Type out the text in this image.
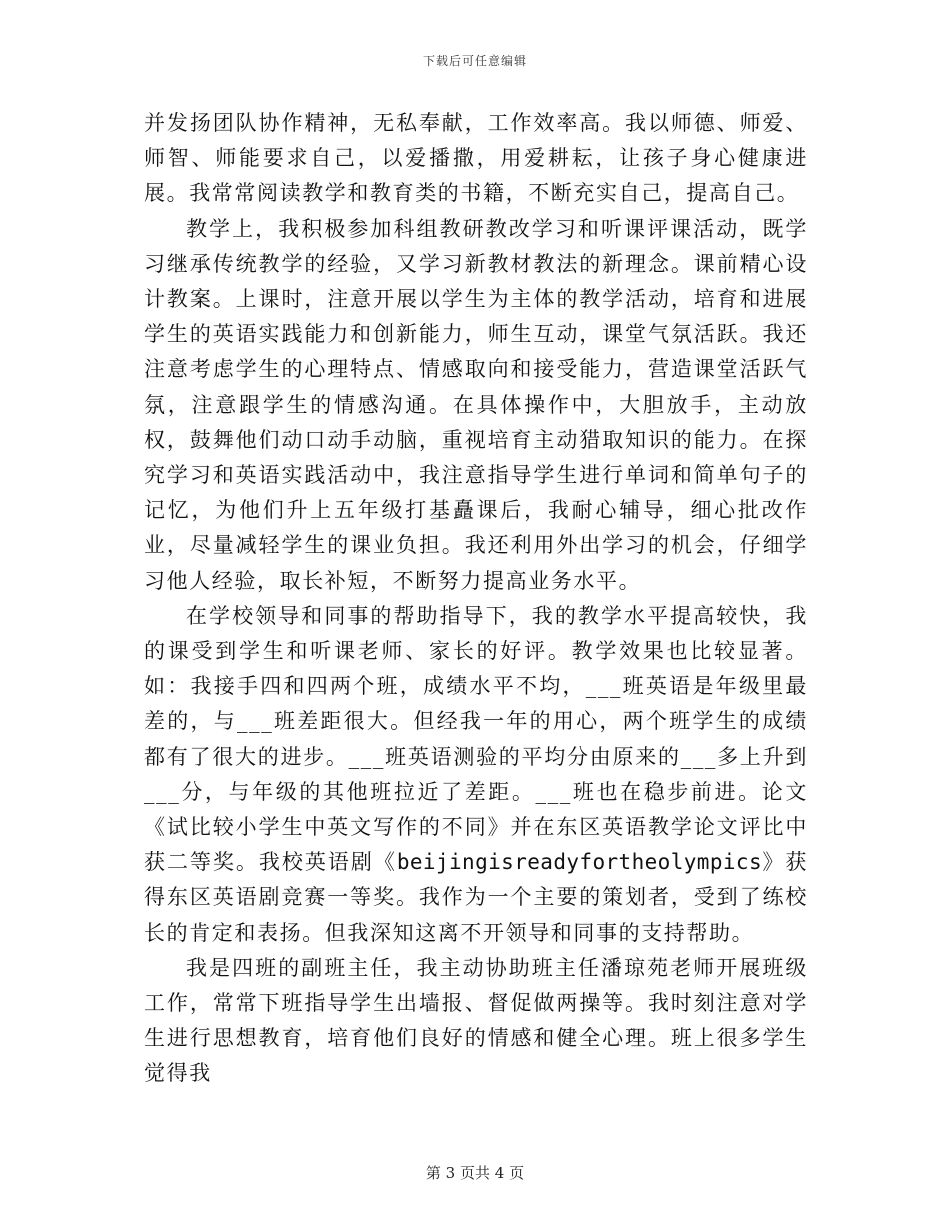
下载后可任意编辑

并发扬团队协作精神，无私奉献，工作效率高。我以师德、师爱、师智、师能要求自己，以爱播撒，用爱耕耘，让孩子身心健康进展。我常常阅读教学和教育类的书籍，不断充实自己，提高自己。

教学上，我积极参加科组教研教改学习和听课评课活动，既学习继承传统教学的经验，又学习新教材教法的新理念。课前精心设计教案。上课时，注意开展以学生为主体的教学活动，培育和进展学生的英语实践能力和创新能力，师生互动，课堂气氛活跃。我还注意考虑学生的心理特点、情感取向和接受能力，营造课堂活跃气氛，注意跟学生的情感沟通。在具体操作中，大胆放手，主动放权，鼓舞他们动口动手动脑，重视培育主动猎取知识的能力。在探究学习和英语实践活动中，我注意指导学生进行单词和简单句子的记忆，为他们升上五年级打基矗课后，我耐心辅导，细心批改作业，尽量减轻学生的课业负担。我还利用外出学习的机会，仔细学习他人经验，取长补短，不断努力提高业务水平。

在学校领导和同事的帮助指导下，我的教学水平提高较快，我的课受到学生和听课老师、家长的好评。教学效果也比较显著。如：我接手四和四两个班，成绩水平不均，___班英语是年级里最差的，与___班差距很大。但经我一年的用心，两个班学生的成绩都有了很大的进步。___班英语测验的平均分由原来的___多上升到___分，与年级的其他班拉近了差距。___班也在稳步前进。论文《试比较小学生中英文写作的不同》并在东区英语教学论文评比中获二等奖。我校英语剧《beijingisreadyfortheolympics》获得东区英语剧竞赛一等奖。我作为一个主要的策划者，受到了练校长的肯定和表扬。但我深知这离不开领导和同事的支持帮助。

我是四班的副班主任，我主动协助班主任潘琼苑老师开展班级工作，常常下班指导学生出墙报、督促做两操等。我时刻注意对学生进行思想教育，培育他们良好的情感和健全心理。班上很多学生觉得我

第 3 页共 4 页
